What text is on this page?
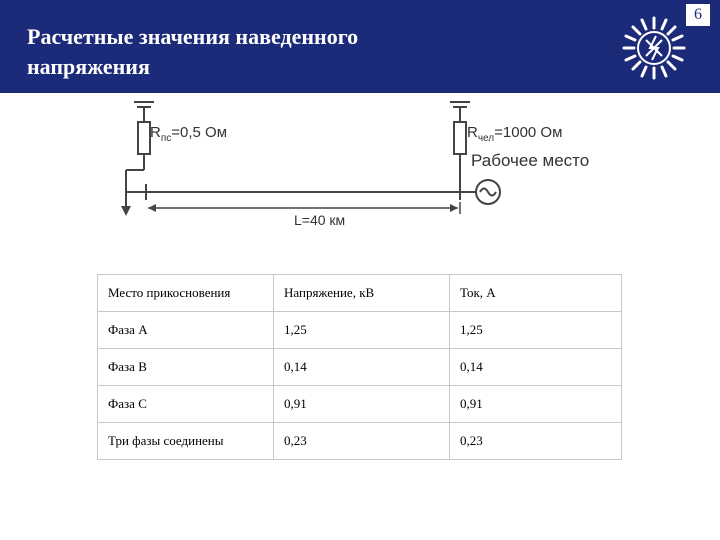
Расчетные значения наведенного
напряжения
6
$R_{пс}=0,5$ Ом	$R_{чел}=1000$ Ом
Рабочее место
L=40 км
Место прикосновения	Напряжение, кВ	Ток, А
Фаза А	1,25	1,25
Фаза В	0,14	0,14
Фаза С	0,91	0,91
Три фазы соединены	0,23	0,23
